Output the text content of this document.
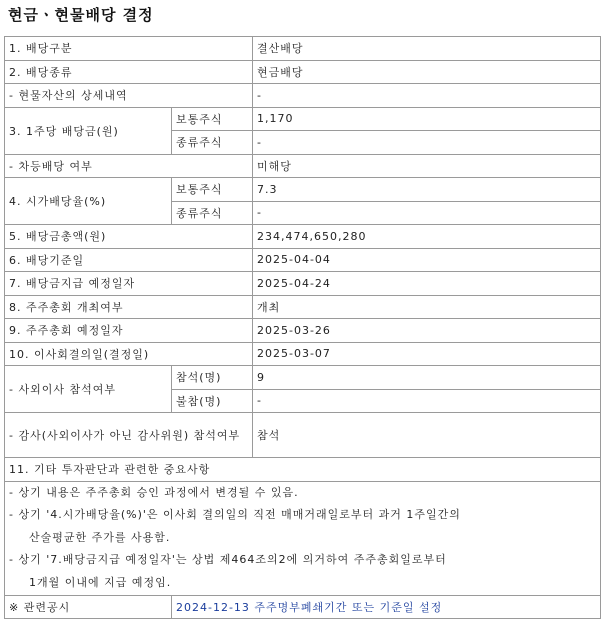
현금ㆍ현물배당 결정
1. 배당구분		결산배당
2. 배당종류		현금배당
- 현물자산의 상세내역		-
3. 1주당 배당금(원)	보통주식	1,170
	종류주식	-
- 차등배당 여부		미해당
4. 시가배당율(%)	보통주식	7.3
	종류주식	-
5. 배당금총액(원)		234,474,650,280
6. 배당기준일		2025-04-04
7. 배당금지급 예정일자		2025-04-24
8. 주주총회 개최여부		개최
9. 주주총회 예정일자		2025-03-26
10. 이사회결의일(결정일)		2025-03-07
- 사외이사 참석여부	참석(명)	9
	불참(명)	-
- 감사(사외이사가 아닌 감사위원) 참석여부		참석
11. 기타 투자판단과 관련한 중요사항		

- 상기 내용은 주주총회 승인 과정에서 변경될 수 있음.
- 상기 '4.시가배당율(%)'은 이사회 결의일의 직전 매매거래일로부터 과거 1주일간의
산술평균한 주가를 사용함.
- 상기 '7.배당금지급 예정일자'는 상법 제464조의2에 의거하여 주주총회일로부터
1개월 이내에 지급 예정임.		
※ 관련공시	2024-12-13 주주명부폐쇄기간 또는 기준일 설정	
